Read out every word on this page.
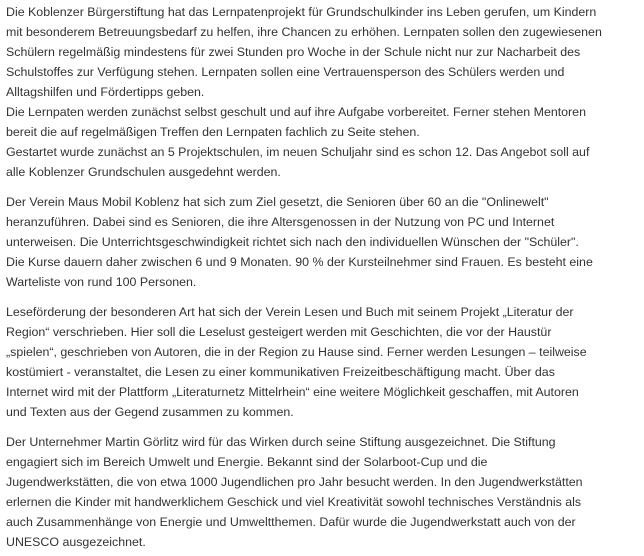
Die Koblenzer Bürgerstiftung hat das Lernpatenprojekt für Grundschulkinder ins Leben gerufen, um Kindern
mit besonderem Betreuungsbedarf zu helfen, ihre Chancen zu erhöhen. Lernpaten sollen den zugewiesenen
Schülern regelmäßig mindestens für zwei Stunden pro Woche in der Schule nicht nur zur Nacharbeit des
Schulstoffes zur Verfügung stehen. Lernpaten sollen eine Vertrauensperson des Schülers werden und
Alltagshilfen und Fördertipps geben.
Die Lernpaten werden zunächst selbst geschult und auf ihre Aufgabe vorbereitet. Ferner stehen Mentoren
bereit die auf regelmäßigen Treffen den Lernpaten fachlich zu Seite stehen.
Gestartet wurde zunächst an 5 Projektschulen, im neuen Schuljahr sind es schon 12. Das Angebot soll auf
alle Koblenzer Grundschulen ausgedehnt werden.
Der Verein Maus Mobil Koblenz hat sich zum Ziel gesetzt, die Senioren über 60 an die "Onlinewelt"
heranzuführen. Dabei sind es Senioren, die ihre Altersgenossen in der Nutzung von PC und Internet
unterweisen. Die Unterrichtsgeschwindigkeit richtet sich nach den individuellen Wünschen der "Schüler".
Die Kurse dauern daher zwischen 6 und 9 Monaten. 90 % der Kursteilnehmer sind Frauen. Es besteht eine
Warteliste von rund 100 Personen.
Leseförderung der besonderen Art hat sich der Verein Lesen und Buch mit seinem Projekt „Literatur der
Region“ verschrieben. Hier soll die Leselust gesteigert werden mit Geschichten, die vor der Haustür
„spielen“, geschrieben von Autoren, die in der Region zu Hause sind. Ferner werden Lesungen – teilweise
kostümiert - veranstaltet, die Lesen zu einer kommunikativen Freizeitbeschäftigung macht. Über das
Internet wird mit der Plattform „Literaturnetz Mittelrhein“ eine weitere Möglichkeit geschaffen, mit Autoren
und Texten aus der Gegend zusammen zu kommen.
Der Unternehmer Martin Görlitz wird für das Wirken durch seine Stiftung ausgezeichnet. Die Stiftung
engagiert sich im Bereich Umwelt und Energie. Bekannt sind der Solarboot-Cup und die
Jugendwerkstätten, die von etwa 1000 Jugendlichen pro Jahr besucht werden. In den Jugendwerkstätten
erlernen die Kinder mit handwerklichem Geschick und viel Kreativität sowohl technisches Verständnis als
auch Zusammenhänge von Energie und Umweltthemen. Dafür wurde die Jugendwerkstatt auch von der
UNESCO ausgezeichnet.
